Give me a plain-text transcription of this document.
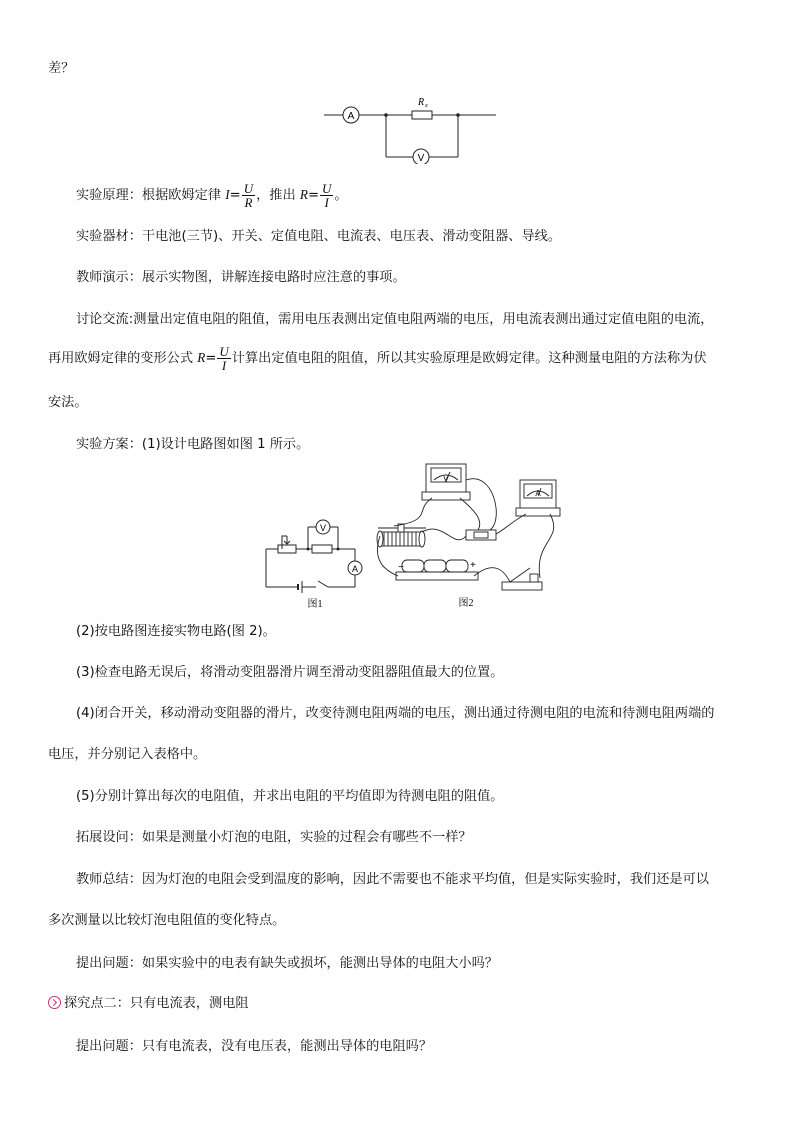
差？
A
V
R x
实验原理：根据欧姆定律 $I= \frac{U}{R}$ ，推出 $R= \frac{U}{I}$ 。
实验器材：干电池(三节)、开关、定值电阻、电流表、电压表、滑动变阻器、导线。
教师演示：展示实物图，讲解连接电路时应注意的事项。
讨论交流:测量出定值电阻的阻值，需用电压表测出定值电阻两端的电压，用电流表测出通过定值电阻的电流，
再用欧姆定律的变形公式 $R= \frac{U}{I}$ 计算出定值电阻的阻值，所以其实验原理是欧姆定律。这种测量电阻的方法称为伏
安法。
实验方案：(1)设计电路图如图 1 所示。
V
A
图1
V
A
−	+
图2
(2)按电路图连接实物电路(图 2)。
(3)检查电路无误后，将滑动变阻器滑片调至滑动变阻器阻值最大的位置。
(4)闭合开关，移动滑动变阻器的滑片，改变待测电阻两端的电压，测出通过待测电阻的电流和待测电阻两端的
电压，并分别记入表格中。
(5)分别计算出每次的电阻值，并求出电阻的平均值即为待测电阻的阻值。
拓展设问：如果是测量小灯泡的电阻，实验的过程会有哪些不一样？
教师总结：因为灯泡的电阻会受到温度的影响，因此不需要也不能求平均值，但是实际实验时，我们还是可以
多次测量以比较灯泡电阻值的变化特点。
提出问题：如果实验中的电表有缺失或损坏，能测出导体的电阻大小吗？
探究点二：只有电流表，测电阻
提出问题：只有电流表，没有电压表，能测出导体的电阻吗？
